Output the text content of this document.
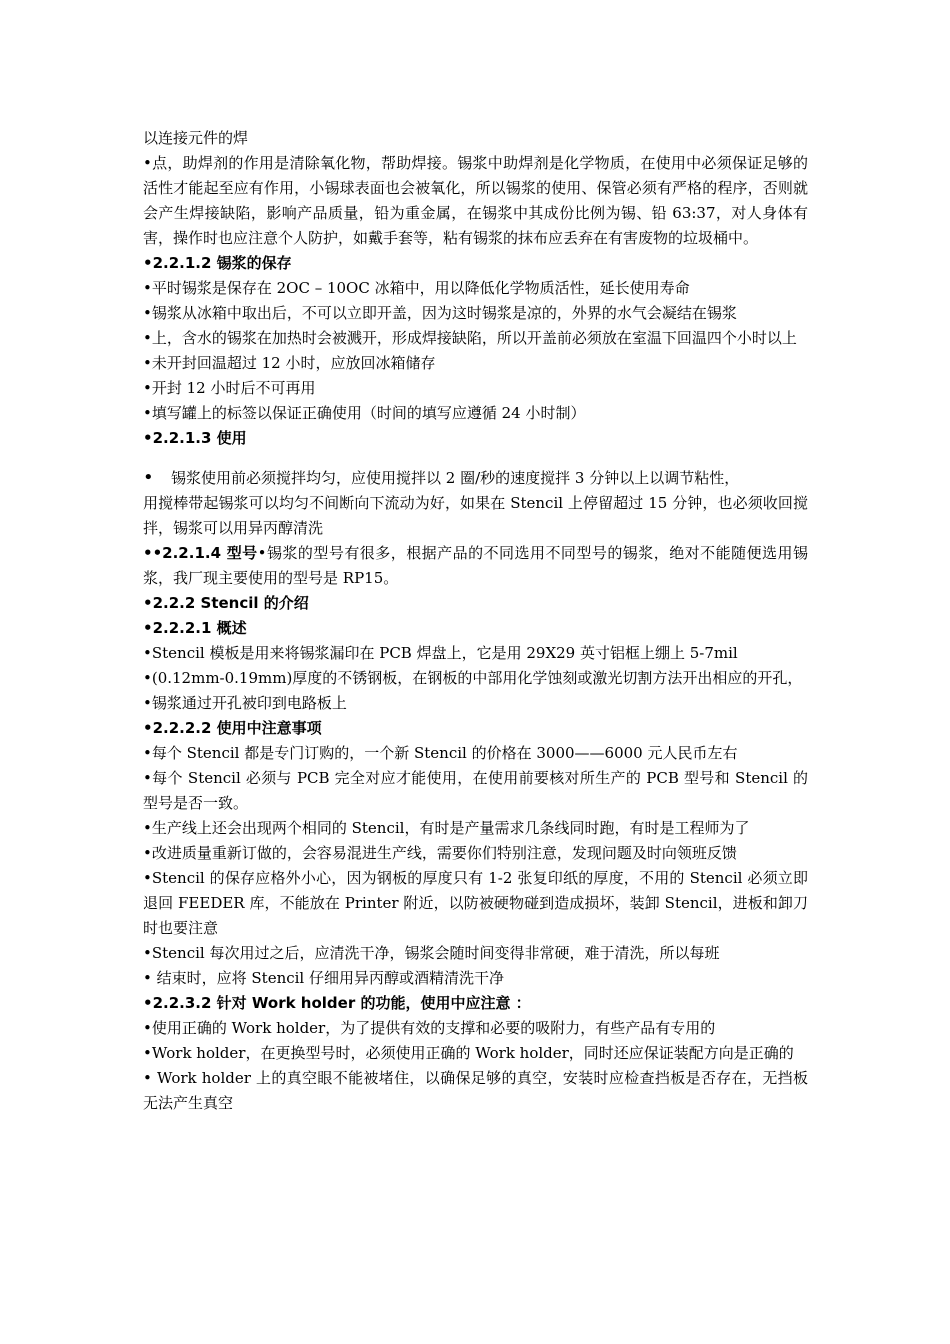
以连接元件的焊

•点，助焊剂的作用是清除氧化物，帮助焊接。锡浆中助焊剂是化学物质，在使用中必须保证足够的活性才能起至应有作用，小锡球表面也会被氧化，所以锡浆的使用、保管必须有严格的程序，否则就会产生焊接缺陷，影响产品质量，铅为重金属，在锡浆中其成份比例为锡、铅 63:37，对人身体有害，操作时也应注意个人防护，如戴手套等，粘有锡浆的抹布应丢弃在有害废物的垃圾桶中。

•2.2.1.2 锡浆的保存

•平时锡浆是保存在 2OC – 10OC 冰箱中，用以降低化学物质活性，延长使用寿命

•锡浆从冰箱中取出后，不可以立即开盖，因为这时锡浆是凉的，外界的水气会凝结在锡浆

•上，含水的锡浆在加热时会被溅开，形成焊接缺陷，所以开盖前必须放在室温下回温四个小时以上

•未开封回温超过 12 小时，应放回冰箱储存

•开封 12 小时后不可再用

•填写罐上的标签以保证正确使用（时间的填写应遵循 24 小时制）

•2.2.1.3 使用

• 锡浆使用前必须搅拌均匀，应使用搅拌以 2 圈/秒的速度搅拌 3 分钟以上以调节粘性，

用搅棒带起锡浆可以均匀不间断向下流动为好，如果在 Stencil 上停留超过 15 分钟，也必须收回搅拌，锡浆可以用异丙醇清洗

••2.2.1.4 型号•锡浆的型号有很多，根据产品的不同选用不同型号的锡浆，绝对不能随便选用锡浆，我厂现主要使用的型号是 RP15。

•2.2.2 Stencil 的介绍

•2.2.2.1 概述

•Stencil 模板是用来将锡浆漏印在 PCB 焊盘上，它是用 29X29 英寸铝框上绷上 5-7mil

•(0.12mm-0.19mm)厚度的不锈钢板，在钢板的中部用化学蚀刻或激光切割方法开出相应的开孔，

•锡浆通过开孔被印到电路板上

•2.2.2.2 使用中注意事项

•每个 Stencil 都是专门订购的，一个新 Stencil 的价格在 3000——6000 元人民币左右

•每个 Stencil 必须与 PCB 完全对应才能使用，在使用前要核对所生产的 PCB 型号和 Stencil 的型号是否一致。

•生产线上还会出现两个相同的 Stencil，有时是产量需求几条线同时跑，有时是工程师为了

•改进质量重新订做的，会容易混进生产线，需要你们特别注意，发现问题及时向领班反馈

•Stencil 的保存应格外小心，因为钢板的厚度只有 1-2 张复印纸的厚度，不用的 Stencil 必须立即退回 FEEDER 库，不能放在 Printer 附近，以防被硬物碰到造成损坏，装卸 Stencil，进板和卸刀时也要注意

•Stencil 每次用过之后，应清洗干净，锡浆会随时间变得非常硬，难于清洗，所以每班

• 结束时，应将 Stencil 仔细用异丙醇或酒精清洗干净

•2.2.3.2 针对 Work holder 的功能，使用中应注意 ：

•使用正确的 Work holder，为了提供有效的支撑和必要的吸附力，有些产品有专用的

•Work holder，在更换型号时，必须使用正确的 Work holder，同时还应保证装配方向是正确的

• Work holder 上的真空眼不能被堵住，以确保足够的真空，安装时应检查挡板是否存在，无挡板无法产生真空
